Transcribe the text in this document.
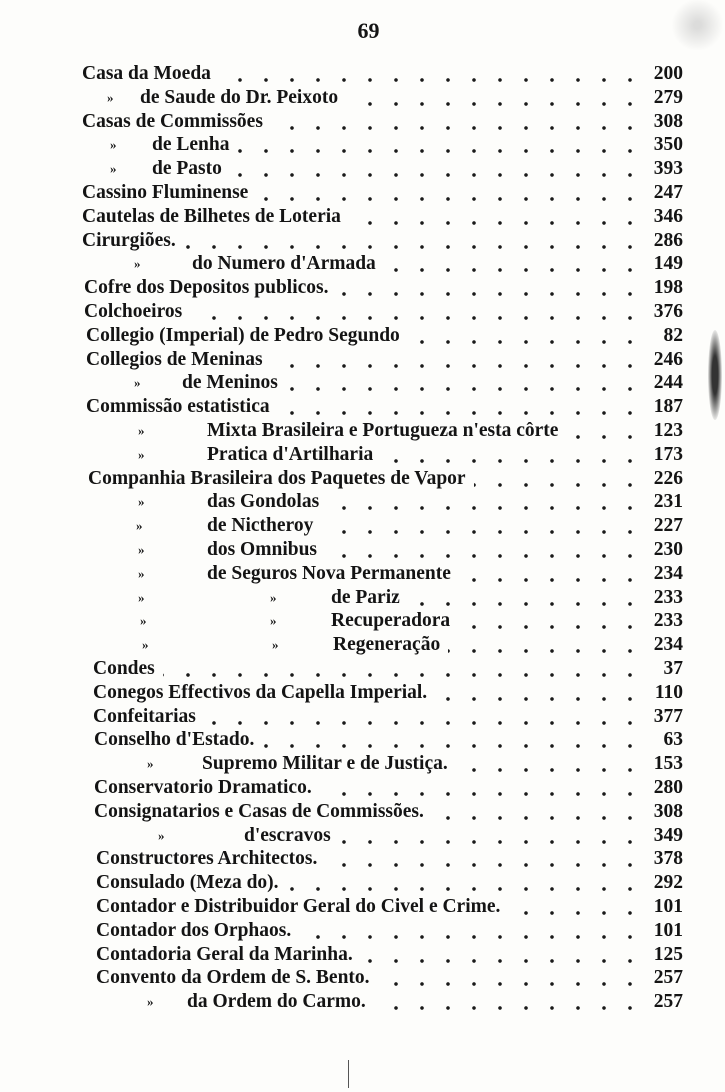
69
Casa da Moeda	200
» de Saude do Dr. Peixoto	279
Casas de Commissões	308
» de Lenha	350
» de Pasto	393
Cassino Fluminense	247
Cautelas de Bilhetes de Loteria	346
Cirurgiões.	286
»	do Numero d'Armada	149
Cofre dos Depositos publicos.	198
Colchoeiros	376
Collegio (Imperial) de Pedro Segundo	82
Collegios de Meninas	246
» de Meninos	244
Commissão estatistica	187
»	Mixta Brasileira e Portugueza n'esta côrte	123
»	Pratica d'Artilharia	173
Companhia Brasileira dos Paquetes de Vapor	226
»	das Gondolas	231
»	de Nictheroy	227
»	dos Omnibus	230
»	de Seguros Nova Permanente	234
»	»	de Pariz	233
»	»	Recuperadora	233
»	»	Regeneração	234
Condes	37
Conegos Effectivos da Capella Imperial.	110
Confeitarias	377
Conselho d'Estado.	63
» Supremo Militar e de Justiça.	153
Conservatorio Dramatico.	280
Consignatarios e Casas de Commissões.	308
»	d'escravos	349
Constructores Architectos.	378
Consulado (Meza do).	292
Contador e Distribuidor Geral do Civel e Crime.	101
Contador dos Orphaos.	101
Contadoria Geral da Marinha.	125
Convento da Ordem de S. Bento.	257
» da Ordem do Carmo.	257
